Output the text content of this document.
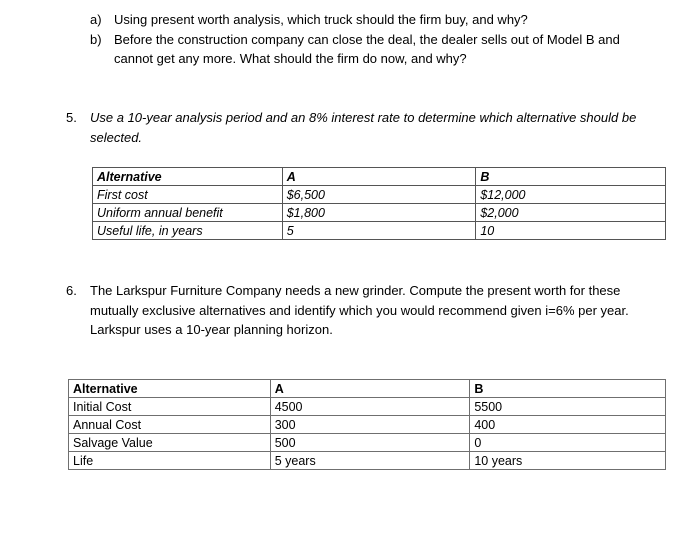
a) Using present worth analysis, which truck should the firm buy, and why?
b) Before the construction company can close the deal, the dealer sells out of Model B and
cannot get any more. What should the firm do now, and why?
5. Use a 10-year analysis period and an 8% interest rate to determine which alternative should be
selected.
Alternative	A	B
First cost	$6,500	$12,000
Uniform annual benefit	$1,800	$2,000
Useful life, in years	5	10
6. The Larkspur Furniture Company needs a new grinder. Compute the present worth for these
mutually exclusive alternatives and identify which you would recommend given i=6% per year.
Larkspur uses a 10-year planning horizon.
Alternative	A	B
Initial Cost	4500	5500
Annual Cost	300	400
Salvage Value	500	0
Life	5 years	10 years
